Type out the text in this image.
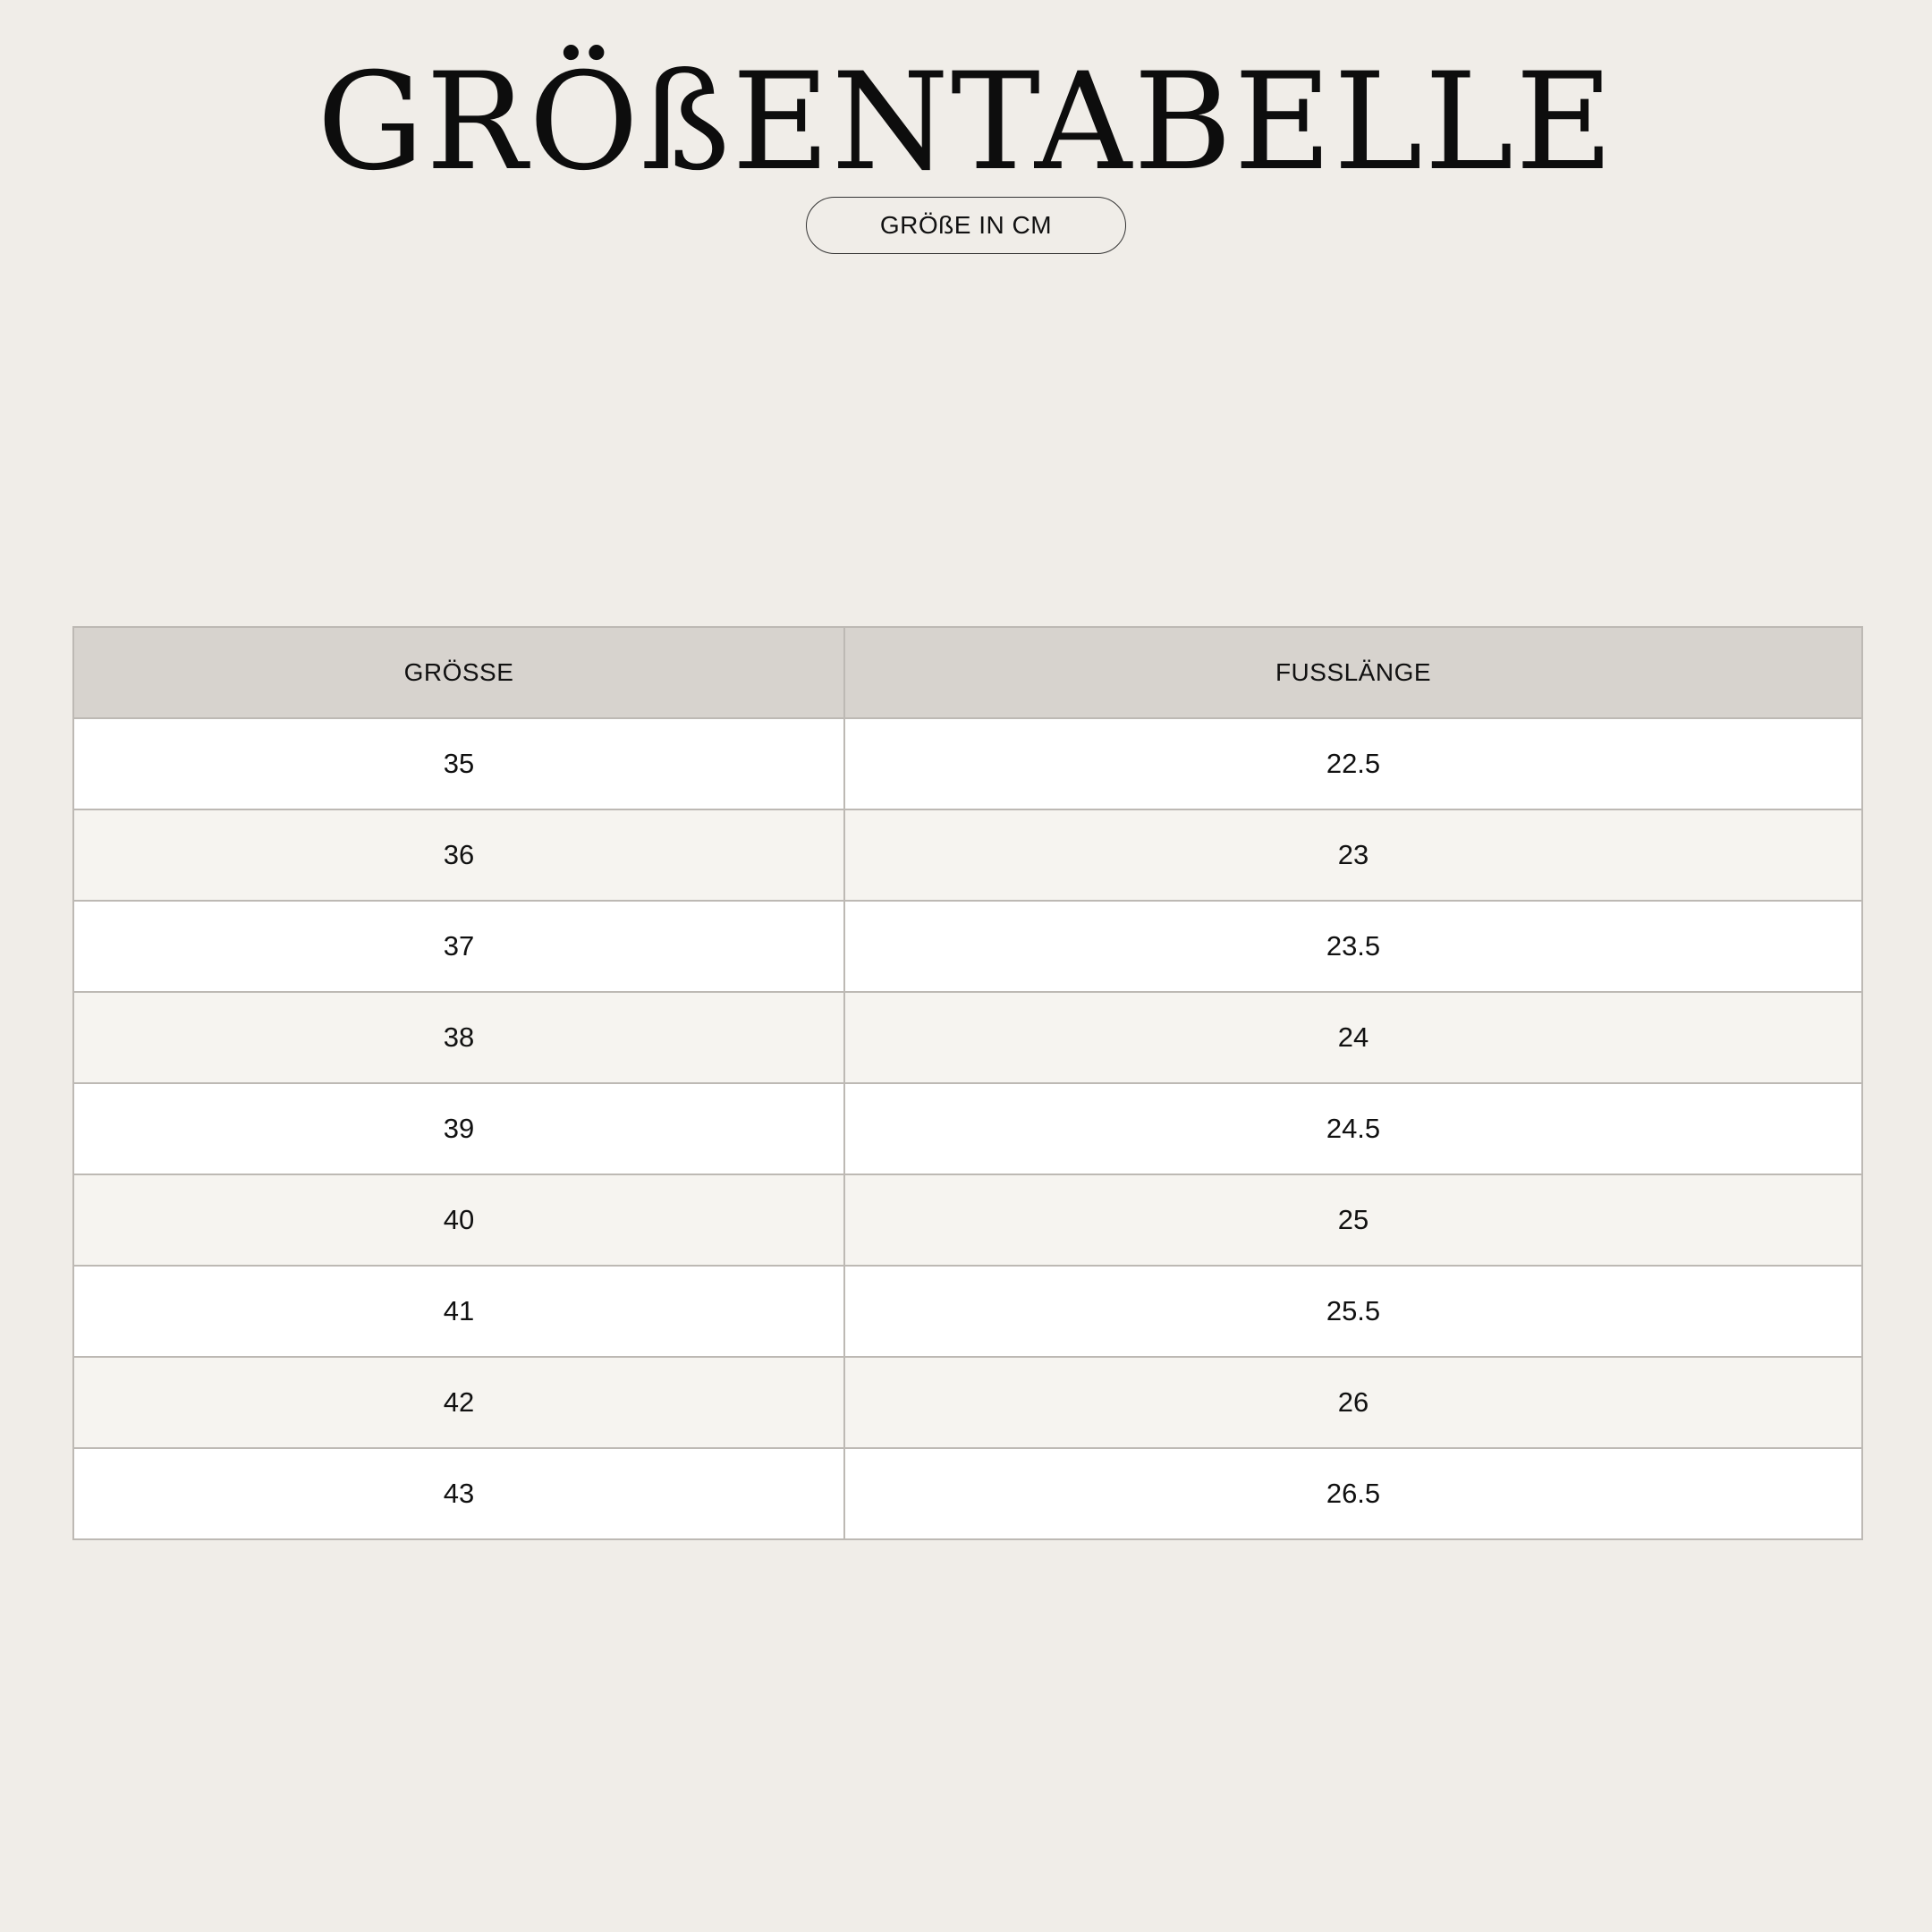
GRÖßENTABELLE
GRÖßE IN CM
GRÖSSE	FUSSLÄNGE
35	22.5
36	23
37	23.5
38	24
39	24.5
40	25
41	25.5
42	26
43	26.5
